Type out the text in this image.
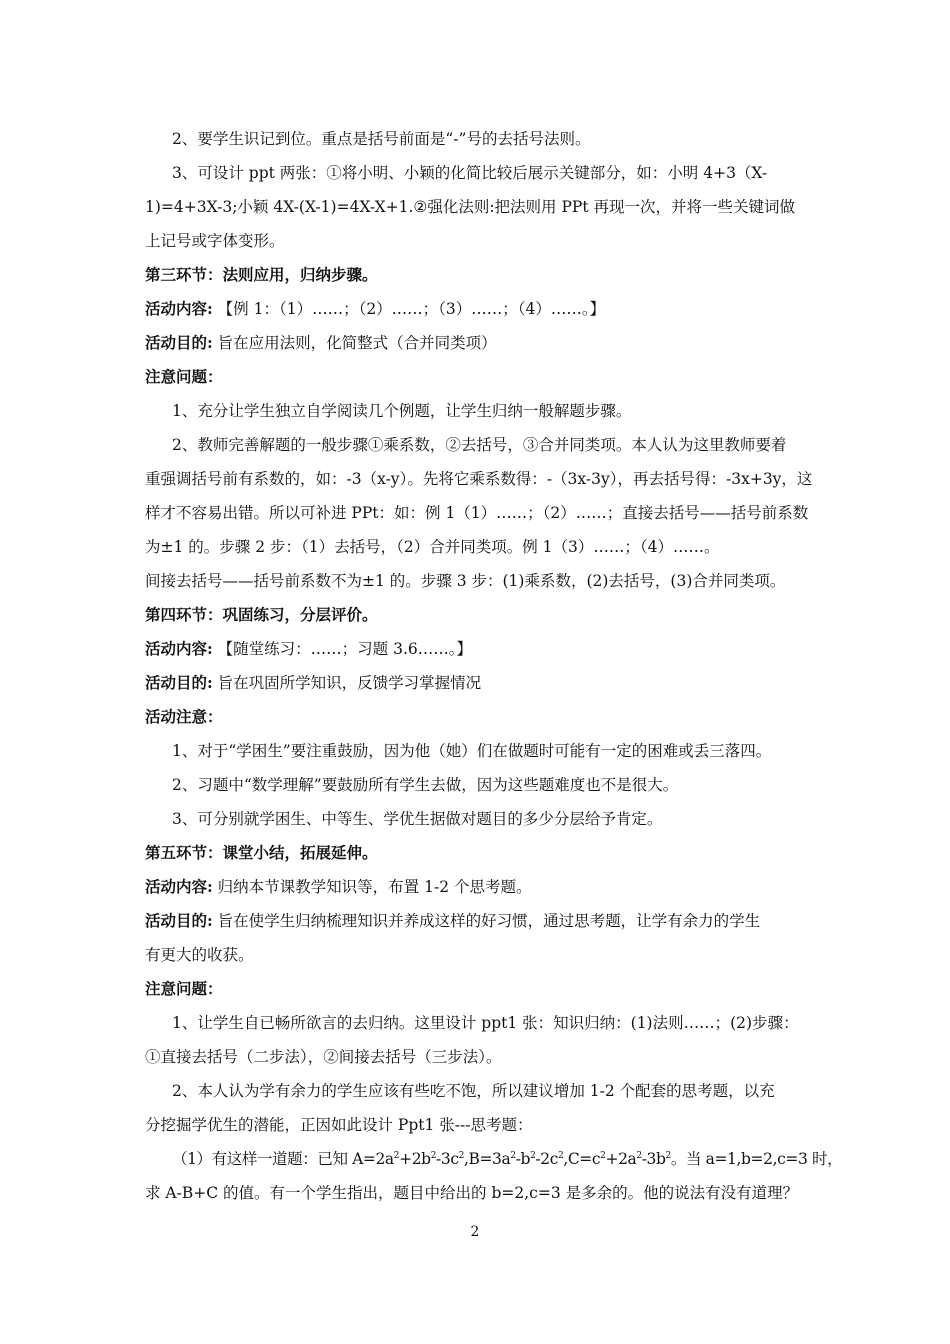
2、要学生识记到位。重点是括号前面是“-”号的去括号法则。
3、可设计 ppt 两张：①将小明、小颖的化简比较后展示关键部分，如：小明 4+3（X-
1)=4+3X-3;小颖 4X-(X-1)=4X-X+1.②强化法则:把法则用 PPt 再现一次，并将一些关键词做
上记号或字体变形。
第三环节：法则应用，归纳步骤。
活动内容: 【例 1：（1）……；（2）……；（3）……；（4）……。】
活动目的: 旨在应用法则，化简整式（合并同类项）
注意问题：
1、充分让学生独立自学阅读几个例题，让学生归纳一般解题步骤。
2、教师完善解题的一般步骤①乘系数，②去括号，③合并同类项。本人认为这里教师要着
重强调括号前有系数的，如：-3（x-y）。先将它乘系数得：-（3x-3y），再去括号得：-3x+3y，这
样才不容易出错。所以可补进 PPt：如：例 1（1）……；（2）……；直接去括号——括号前系数
为±1 的。步骤 2 步：（1）去括号，（2）合并同类项。例 1（3）……；（4）……。
间接去括号——括号前系数不为±1 的。步骤 3 步：(1)乘系数，(2)去括号，(3)合并同类项。
第四环节：巩固练习，分层评价。
活动内容: 【随堂练习：……；习题 3.6……。】
活动目的: 旨在巩固所学知识，反馈学习掌握情况
活动注意：
1、对于“学困生”要注重鼓励，因为他（她）们在做题时可能有一定的困难或丢三落四。
2、习题中“数学理解”要鼓励所有学生去做，因为这些题难度也不是很大。
3、可分别就学困生、中等生、学优生据做对题目的多少分层给予肯定。
第五环节：课堂小结，拓展延伸。
活动内容: 归纳本节课教学知识等，布置 1-2 个思考题。
活动目的: 旨在使学生归纳梳理知识并养成这样的好习惯，通过思考题，让学有余力的学生
有更大的收获。
注意问题：
1、让学生自已畅所欲言的去归纳。这里设计 ppt1 张：知识归纳：(1)法则……；(2)步骤：
①直接去括号（二步法），②间接去括号（三步法）。
2、本人认为学有余力的学生应该有些吃不饱，所以建议增加 1-2 个配套的思考题，以充
分挖掘学优生的潜能，正因如此设计 Ppt1 张---思考题：
（1）有这样一道题：已知 $A=2a^2+2b^2-3c^2,B=3a^2-b^2-2c^2,C=c^2+2a^2-3b^2$。当 a=1,b=2,c=3 时，
求 A-B+C 的值。有一个学生指出，题目中给出的 b=2,c=3 是多余的。他的说法有没有道理？
2
